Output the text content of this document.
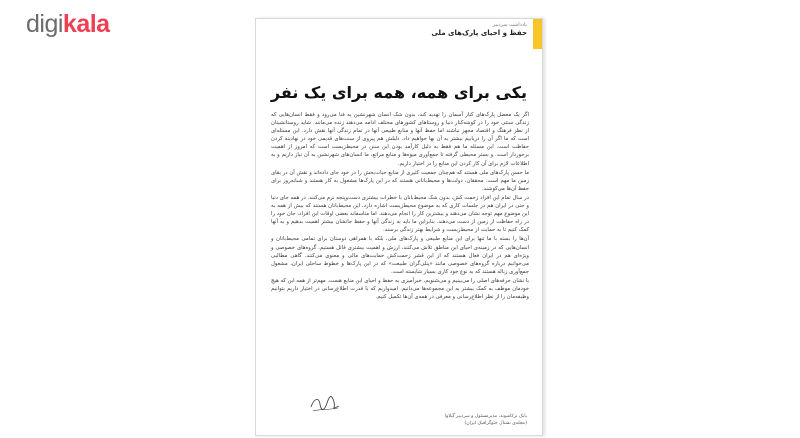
digikala	یادداشت سردبیر
حفظ و احیای پارک‌های ملی
یکی برای همه، همه برای یک نفر

اگر یک معضل پارک‌های کنار آسمان را تهدید کند، بدون شک انسان شهرنشین به فنا می‌رود و فقط انسان‌هایی که زندگی سنتی خود را در کوشه‌کنار دنیا و روستاهای کشورهای مختلف ادامه می‌دهند زنده می‌مانند. شاید روستانشینان از نظر فرهنگ و اقتصاد مجهز نباشند اما حفظ آنها و منابع طبیعی آنها در تمام زندگی آنها نقش دارد. این مسئله‌ای است که ما اگر آن را دریابیم بیشتر به آن بها خواهیم داد. دلیلش هم پیروی از سنت‌های قدیمی خود در نهادینه کردن حفاظت است. این مسئله ما هم فقط به دلیل کارآمد بودن این سنن در محیط‌زیست است که امروز از اهمیت برخوردار است. و بستر محیطی گرفته تا جمع‌آوری میوه‌ها و منابع مراتع، ما انسان‌های شهرنشین به آن نیاز داریم و به اطلاعات لازم برای آن کار کردن این منابع را در اختیار داریم.

ما حسن پارک‌های ملی هستند که هم‌چنان جمعیت کثیری از منابع حیات‌بخش را در خود جای داده‌اند و نقش آن در بقای زمین ما مهم است. محققان، دولت‌ها و محیط‌بانانی هستند که در این پارک‌ها مشغول به کار هستند و شبانه‌روز برای حفظ آن‌ها می‌کوشند.

در سال تمام این افراد زحمت کش، بدون شک محیط‌بانان با خطرات بیشتری دست‌وپنجه نرم می‌کنند. در همه جای دنیا و حتی در ایران هم در جلسات کاری که به موضوع محیط‌زیست اشاره دارد، این محیط‌بانان هستند که بیش از همه به این موضوع مهم توجه نشان می‌دهند و بیشترین کار را انجام می‌دهند. اما متاسفانه بعضی اوقات این افراد، جان خود را در راه حفاظت از زمین از دست می‌دهند. بنابراین ما باید به زندگی آنها و حفظ جانشان بیشتر اهمیت بدهیم و به آنها کمک کنیم تا به حمایت از محیط‌زیست و شرایط بهتر زندگی برسند.

آن‌ها را بسته با ما تنها برای این منابع طبیعی و پارک‌های ملی، بلکه با همراهی دوستان برای تمامی محیط‌بانان و انسان‌هایی که در زمینه‌ی احیای این مناطق تلاش می‌کنند، ارزش و اهمیت بیشتری قائل هستیم. گروه‌های خصوصی و ویژه‌ای هم در ایران فعال هستند که از این قشر زحمت‌کش حمایت‌های مالی و معنوی می‌کنند. گاهی مطالبی می‌خوانیم درباره گروه‌های خصوصی مانند «پنلی‌گران طبیعت» که در این پارک‌ها و خطوط ساحلی ایران، مشغول جمع‌آوری زباله هستند که به نوع خود کاری بسیار شایسته است.

با نشان حرفه‌های اصلی را می‌بینیم و می‌شنویم، خبرآمیزی به حفظ و احیای این منابع هست. مهم‌تر از همه این که هیچ خودمان موظف به کمک بیشتر به این مجموعه‌ها می‌دانیم. امیدواریم که با قدرت اطلاع‌رسانی در اختیار داریم بتوانیم وظیفه‌مان را از نظر اطلاع‌رسانی و معرفی در همه‌ی آن‌ها تکمیل کنیم.

بابک ترکاشوند، مدیرمسئول و سردبیر گیلاوا
(مجله‌ی نشنال جئوگرافیک ایران)
